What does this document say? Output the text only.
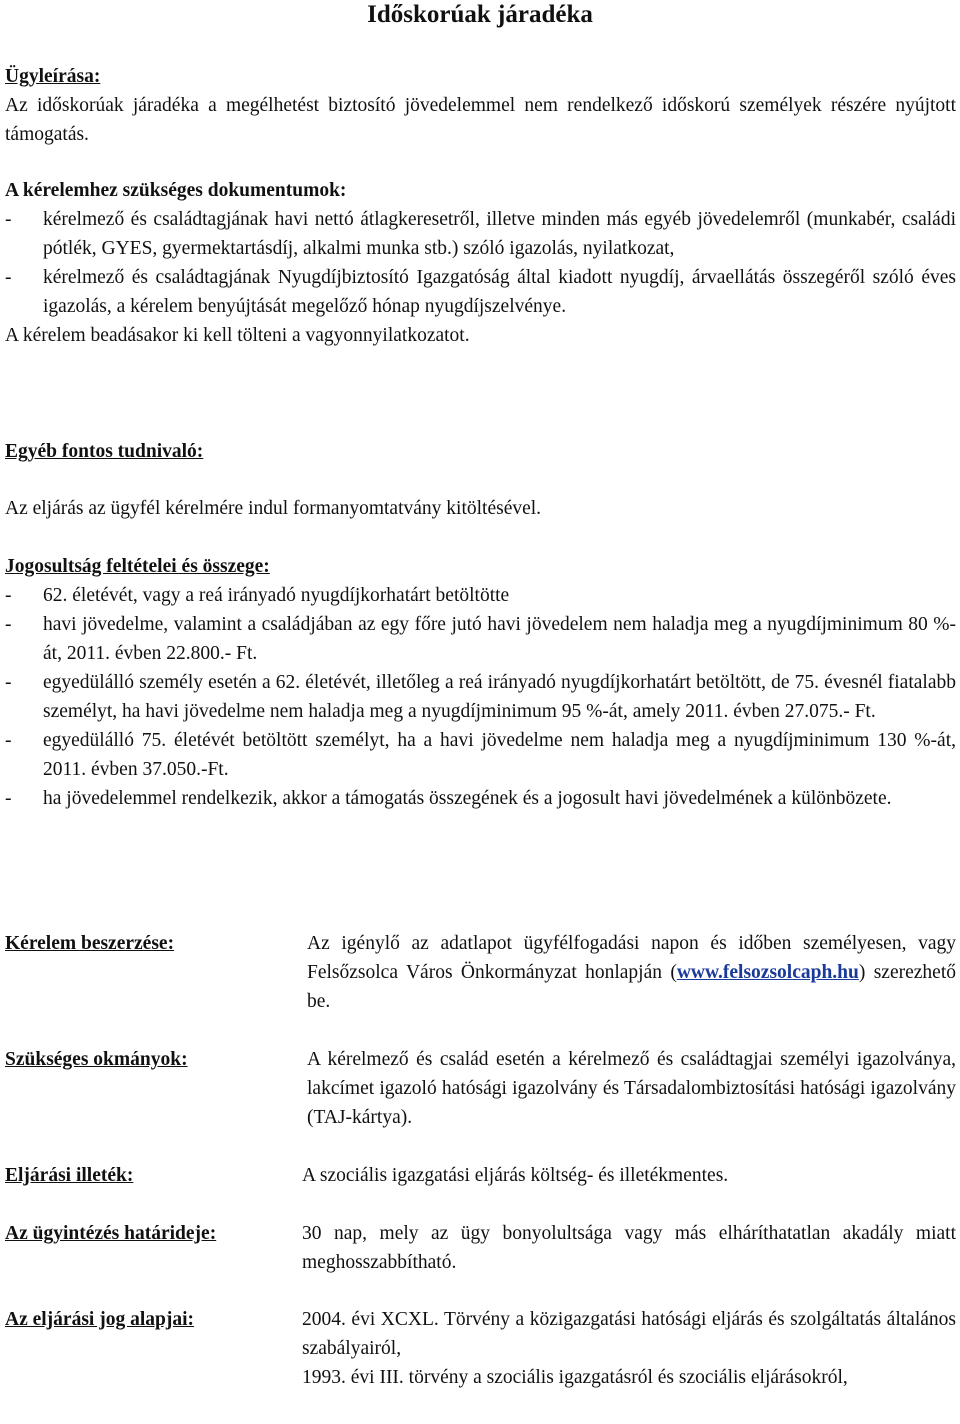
Időskorúak járadéka

Ügyleírása:

Az időskorúak járadéka a megélhetést biztosító jövedelemmel nem rendelkező időskorú személyek részére nyújtott támogatás.

A kérelemhez szükséges dokumentumok:

- kérelmező és családtagjának havi nettó átlagkeresetről, illetve minden más egyéb jövedelemről (munkabér, családi pótlék, GYES, gyermektartásdíj, alkalmi munka stb.) szóló igazolás, nyilatkozat,

- kérelmező és családtagjának Nyugdíjbiztosító Igazgatóság által kiadott nyugdíj, árvaellátás összegéről szóló éves igazolás, a kérelem benyújtását megelőző hónap nyugdíjszelvénye.

A kérelem beadásakor ki kell tölteni a vagyonnyilatkozatot.

Egyéb fontos tudnivaló:

Az eljárás az ügyfél kérelmére indul formanyomtatvány kitöltésével.

Jogosultság feltételei és összege:

- 62. életévét, vagy a reá irányadó nyugdíjkorhatárt betöltötte

- havi jövedelme, valamint a családjában az egy főre jutó havi jövedelem nem haladja meg a nyugdíjminimum 80 %-át, 2011. évben 22.800.- Ft.

- egyedülálló személy esetén a 62. életévét, illetőleg a reá irányadó nyugdíjkorhatárt betöltött, de 75. évesnél fiatalabb személyt, ha havi jövedelme nem haladja meg a nyugdíjminimum 95 %-át, amely 2011. évben 27.075.- Ft.

- egyedülálló 75. életévét betöltött személyt, ha a havi jövedelme nem haladja meg a nyugdíjminimum 130 %-át, 2011. évben 37.050.-Ft.

- ha jövedelemmel rendelkezik, akkor a támogatás összegének és a jogosult havi jövedelmének a különbözete.

Kérelem beszerzése:	Az igénylő az adatlapot ügyfélfogadási napon és időben személyesen, vagy Felsőzsolca Város Önkormányzat honlapján (www.felsozsolcaph.hu) szerezhető be.

Szükséges okmányok:	A kérelmező és család esetén a kérelmező és családtagjai személyi igazolványa, lakcímet igazoló hatósági igazolvány és Társadalombiztosítási hatósági igazolvány (TAJ-kártya).

Eljárási illeték:	A szociális igazgatási eljárás költség- és illetékmentes.

Az ügyintézés határideje:	30 nap, mely az ügy bonyolultsága vagy más elháríthatatlan akadály miatt meghosszabbítható.

Az eljárási jog alapjai:	2004. évi XCXL. Törvény a közigazgatási hatósági eljárás és szolgáltatás általános szabályairól,

1993. évi III. törvény a szociális igazgatásról és szociális eljárásokról,
